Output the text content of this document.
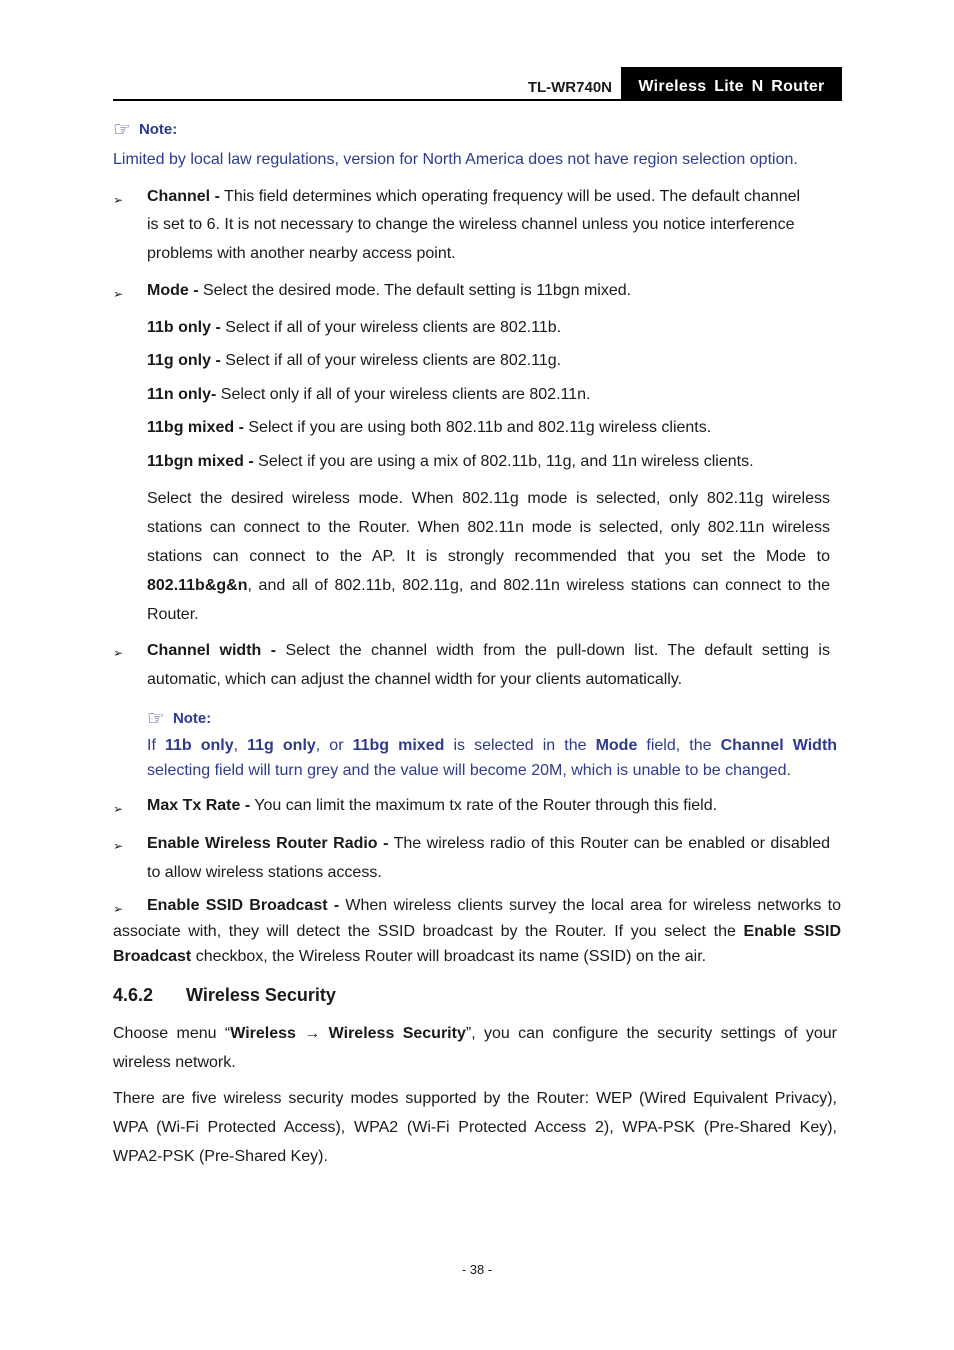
TL-WR740N	Wireless Lite N Router
☞ Note:
Limited by local law regulations, version for North America does not have region selection option.
➢ Channel - This field determines which operating frequency will be used. The default channel
is set to 6. It is not necessary to change the wireless channel unless you notice interference
problems with another nearby access point.
➢ Mode - Select the desired mode. The default setting is 11bgn mixed.
11b only - Select if all of your wireless clients are 802.11b.
11g only - Select if all of your wireless clients are 802.11g.
11n only- Select only if all of your wireless clients are 802.11n.
11bg mixed - Select if you are using both 802.11b and 802.11g wireless clients.
11bgn mixed - Select if you are using a mix of 802.11b, 11g, and 11n wireless clients.
Select the desired wireless mode. When 802.11g mode is selected, only 802.11g wireless stations can connect to the Router. When 802.11n mode is selected, only 802.11n wireless stations can connect to the AP. It is strongly recommended that you set the Mode to 802.11b&g&n, and all of 802.11b, 802.11g, and 802.11n wireless stations can connect to the Router.
➢ Channel width - Select the channel width from the pull-down list. The default setting is automatic, which can adjust the channel width for your clients automatically.
☞ Note:
If 11b only, 11g only, or 11bg mixed is selected in the Mode field, the Channel Width
selecting field will turn grey and the value will become 20M, which is unable to be changed.
➢ Max Tx Rate - You can limit the maximum tx rate of the Router through this field.
➢ Enable Wireless Router Radio - The wireless radio of this Router can be enabled or disabled to allow wireless stations access.
➢	Enable SSID Broadcast - When wireless clients survey the local area for wireless networks to associate with, they will detect the SSID broadcast by the Router. If you select the Enable SSID Broadcast checkbox, the Wireless Router will broadcast its name (SSID) on the air.
4.6.2 Wireless Security
Choose menu “Wireless → Wireless Security”, you can configure the security settings of your wireless network.
There are five wireless security modes supported by the Router: WEP (Wired Equivalent Privacy), WPA (Wi-Fi Protected Access), WPA2 (Wi-Fi Protected Access 2), WPA-PSK (Pre-Shared Key), WPA2-PSK (Pre-Shared Key).
- 38 -
